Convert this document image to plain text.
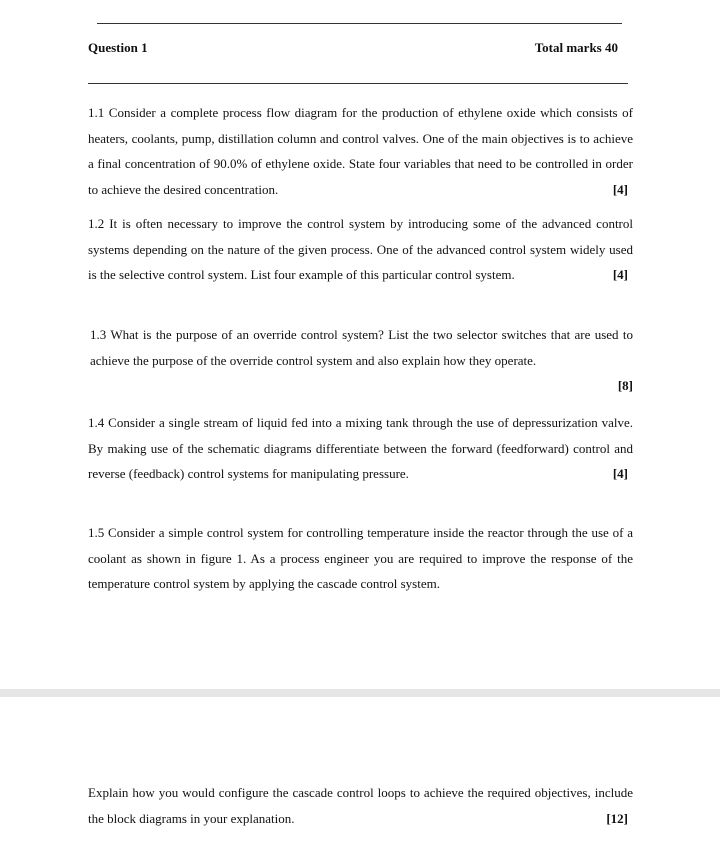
Question 1	Total marks 40

1.1 Consider a complete process flow diagram for the production of ethylene oxide which consists of heaters, coolants, pump, distillation column and control valves. One of the main objectives is to achieve a final concentration of 90.0% of ethylene oxide. State four variables that need to be controlled in order to achieve the desired concentration.	[4]

1.2 It is often necessary to improve the control system by introducing some of the advanced control systems depending on the nature of the given process. One of the advanced control system widely used is the selective control system. List four example of this particular control system.	[4]

1.3 What is the purpose of an override control system? List the two selector switches that are used to achieve the purpose of the override control system and also explain how they operate.
[8]

1.4 Consider a single stream of liquid fed into a mixing tank through the use of depressurization valve. By making use of the schematic diagrams differentiate between the forward (feedforward) control and reverse (feedback) control systems for manipulating pressure.	[4]

1.5 Consider a simple control system for controlling temperature inside the reactor through the use of a coolant as shown in figure 1. As a process engineer you are required to improve the response of the temperature control system by applying the cascade control system.

Explain how you would configure the cascade control loops to achieve the required objectives, include the block diagrams in your explanation.	[12]
